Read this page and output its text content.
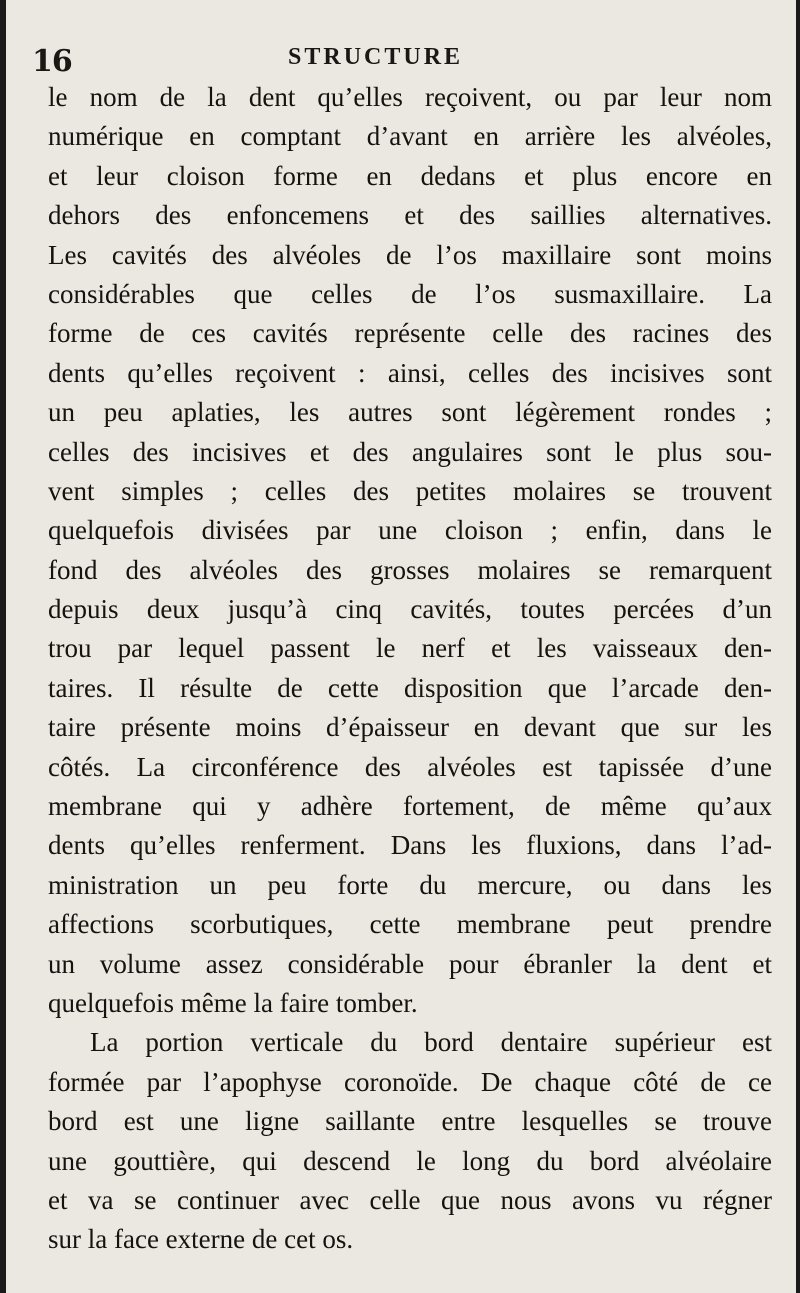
16	STRUCTURE
le nom de la dent qu’elles reçoivent, ou par leur nom
numérique en comptant d’avant en arrière les alvéoles,
et leur cloison forme en dedans et plus encore en
dehors des enfoncemens et des saillies alternatives.
Les cavités des alvéoles de l’os maxillaire sont moins
considérables que celles de l’os susmaxillaire. La
forme de ces cavités représente celle des racines des
dents qu’elles reçoivent : ainsi, celles des incisives sont
un peu aplaties, les autres sont légèrement rondes ;
celles des incisives et des angulaires sont le plus sou-
vent simples ; celles des petites molaires se trouvent
quelquefois divisées par une cloison ; enfin, dans le
fond des alvéoles des grosses molaires se remarquent
depuis deux jusqu’à cinq cavités, toutes percées d’un
trou par lequel passent le nerf et les vaisseaux den-
taires. Il résulte de cette disposition que l’arcade den-
taire présente moins d’épaisseur en devant que sur les
côtés. La circonférence des alvéoles est tapissée d’une
membrane qui y adhère fortement, de même qu’aux
dents qu’elles renferment. Dans les fluxions, dans l’ad-
ministration un peu forte du mercure, ou dans les
affections scorbutiques, cette membrane peut prendre
un volume assez considérable pour ébranler la dent et
quelquefois même la faire tomber.
La portion verticale du bord dentaire supérieur est
formée par l’apophyse coronoïde. De chaque côté de ce
bord est une ligne saillante entre lesquelles se trouve
une gouttière, qui descend le long du bord alvéolaire
et va se continuer avec celle que nous avons vu régner
sur la face externe de cet os.
